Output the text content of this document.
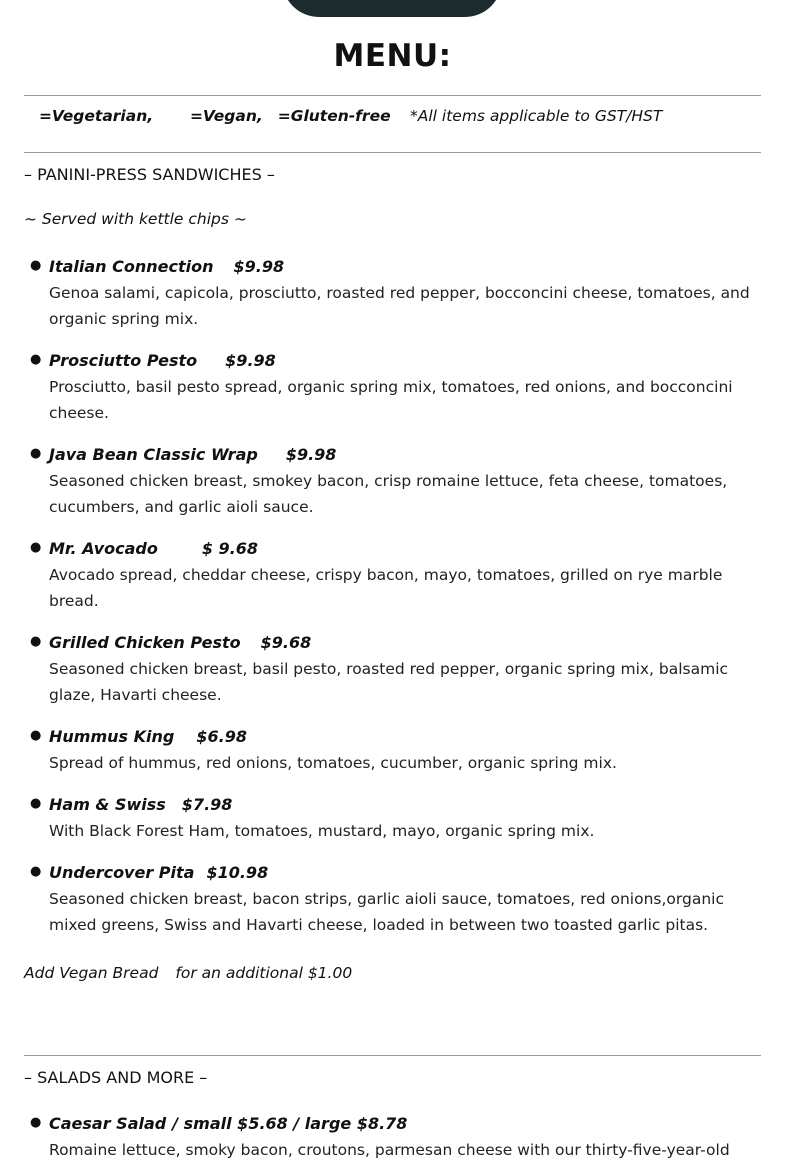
MENU:
=Vegetarian, =Vegan, =Gluten-free *All items applicable to GST/HST
– PANINI-PRESS SANDWICHES –

~ Served with kettle chips ~

● Italian Connection $9.98

Genoa salami, capicola, prosciutto, roasted red pepper, bocconcini cheese, tomatoes, and organic spring mix.

● Prosciutto Pesto $9.98

Prosciutto, basil pesto spread, organic spring mix, tomatoes, red onions, and bocconcini cheese.

● Java Bean Classic Wrap $9.98

Seasoned chicken breast, smokey bacon, crisp romaine lettuce, feta cheese, tomatoes, cucumbers, and garlic aioli sauce.

● Mr. Avocado	$ 9.68

Avocado spread, cheddar cheese, crispy bacon, mayo, tomatoes, grilled on rye marble bread.

● Grilled Chicken Pesto $9.68

Seasoned chicken breast, basil pesto, roasted red pepper, organic spring mix, balsamic glaze, Havarti cheese.

● Hummus King $6.98

Spread of hummus, red onions, tomatoes, cucumber, organic spring mix.

● Ham & Swiss $7.98

With Black Forest Ham, tomatoes, mustard, mayo, organic spring mix.

● Undercover Pita $10.98

Seasoned chicken breast, bacon strips, garlic aioli sauce, tomatoes, red onions,organic mixed greens, Swiss and Havarti cheese, loaded in between two toasted garlic pitas.

Add Vegan Bread for an additional $1.00

– SALADS AND MORE –
● Caesar Salad / small $5.68 / large $8.78

Romaine lettuce, smoky bacon, croutons, parmesan cheese with our thirty-five-year-old
